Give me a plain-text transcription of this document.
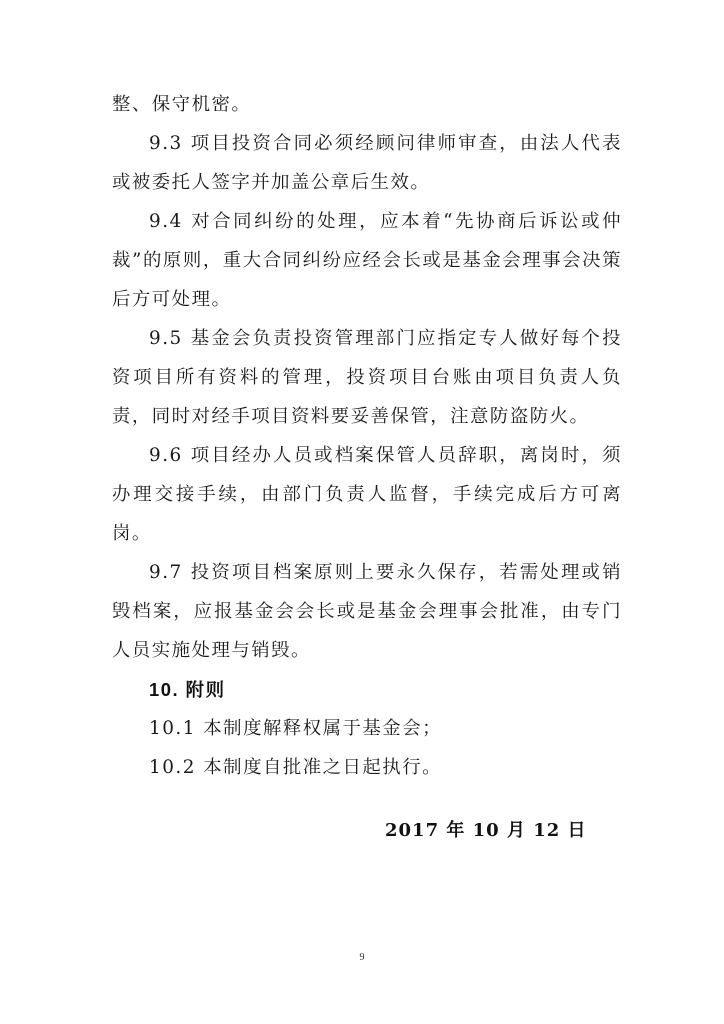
整、保守机密。

9.3 项目投资合同必须经顾问律师审查，由法人代表或被委托人签字并加盖公章后生效。

9.4 对合同纠纷的处理，应本着“先协商后诉讼或仲裁”的原则，重大合同纠纷应经会长或是基金会理事会决策后方可处理。

9.5 基金会负责投资管理部门应指定专人做好每个投资项目所有资料的管理，投资项目台账由项目负责人负责，同时对经手项目资料要妥善保管，注意防盗防火。

9.6 项目经办人员或档案保管人员辞职，离岗时，须办理交接手续，由部门负责人监督，手续完成后方可离岗。

9.7 投资项目档案原则上要永久保存，若需处理或销毁档案，应报基金会会长或是基金会理事会批准，由专门人员实施处理与销毁。

10. 附则

10.1 本制度解释权属于基金会；

10.2 本制度自批准之日起执行。

2017 年 10 月 12 日
9
